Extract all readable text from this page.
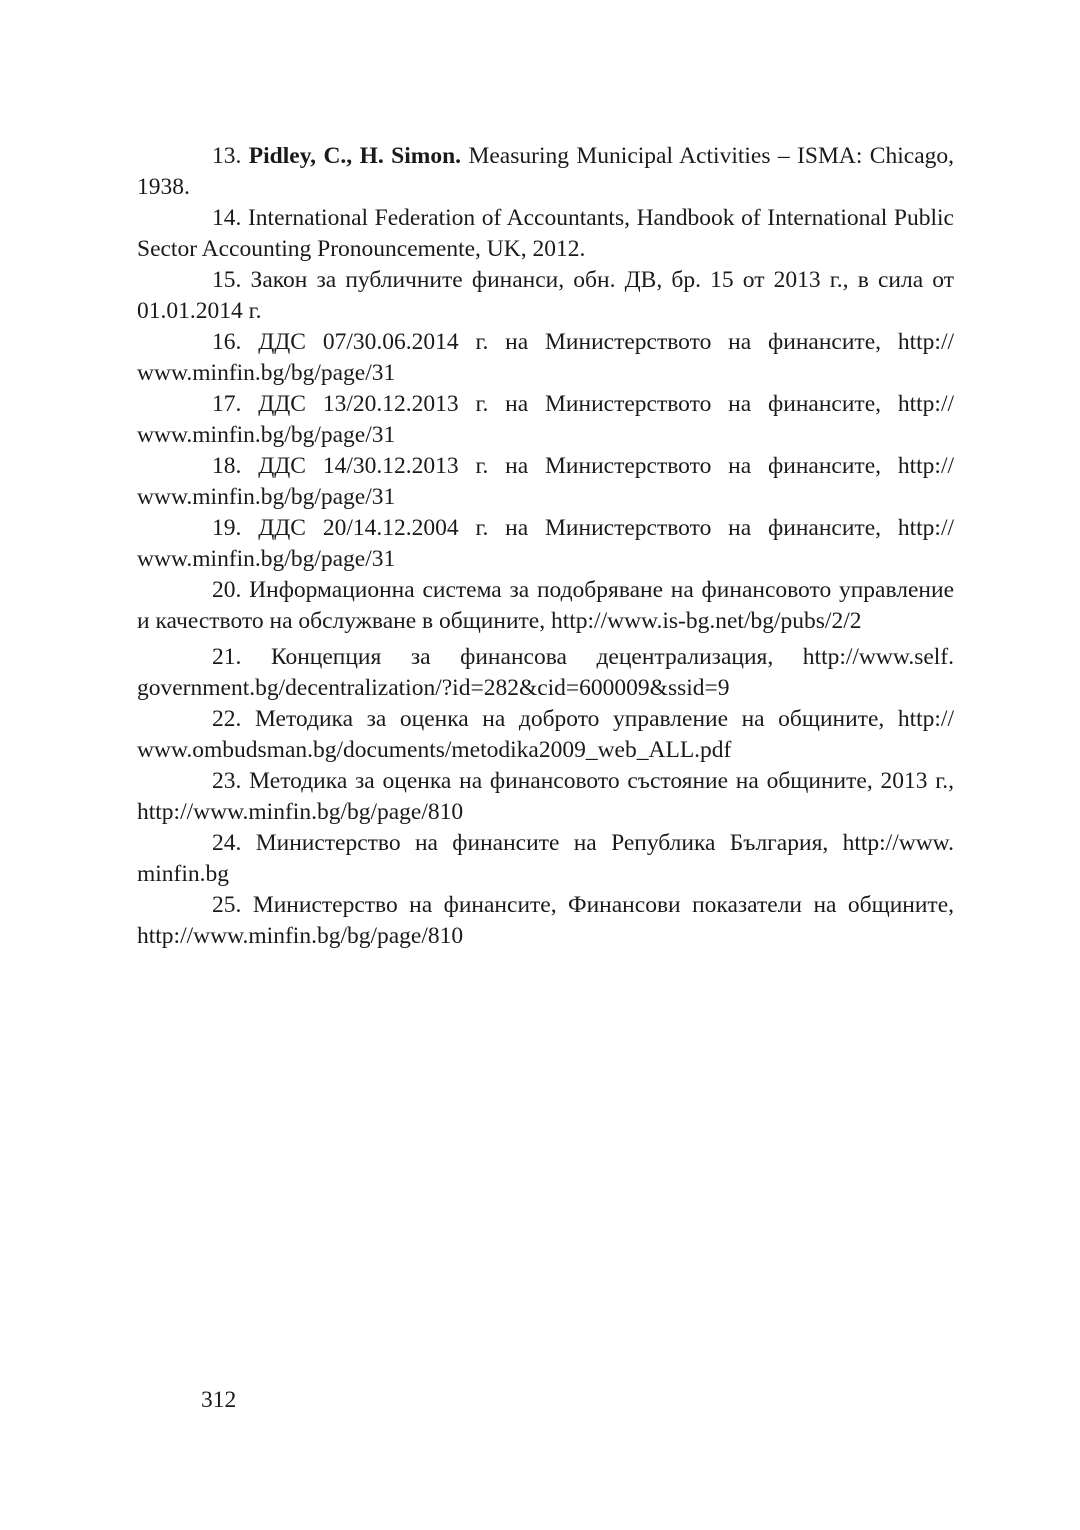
13. Pidley, C., H. Simon. Measuring Municipal Activities – ISMA: Chicago, 1938.

14. International Federation of Accountants, Handbook of International Public Sector Accounting Pronouncemente, UK, 2012.

15. Закон за публичните финанси, обн. ДВ, бр. 15 от 2013 г., в сила от 01.01.2014 г.

16. ДДС 07/30.06.2014 г. на Министерството на финансите, http://​www.minfin.bg/bg/page/31

17. ДДС 13/20.12.2013 г. на Министерството на финансите, http://​www.minfin.bg/bg/page/31

18. ДДС 14/30.12.2013 г. на Министерството на финансите, http://​www.minfin.bg/bg/page/31

19. ДДС 20/14.12.2004 г. на Министерството на финансите, http://​www.minfin.bg/bg/page/31

20. Информационна система за подобряване на финансовото управление и качеството на обслужване в общините, http://www.is-bg.net/bg/pubs/​2/2

21. Концепция за финансова децентрализация, http://www.self.​government.bg/decentralization/?id=282&cid=600009&ssid=9

22. Методика за оценка на доброто управление на общините, http://​www.ombudsman.bg/documents/metodika2009_web_ALL.pdf

23. Методика за оценка на финансовото състояние на общините, 2013 г., http://www.minfin.bg/bg/page/810

24. Министерство на финансите на Република България, http://www.​minfin.bg

25. Министерство на финансите, Финансови показатели на общините, http://www.minfin.bg/bg/page/810

312
